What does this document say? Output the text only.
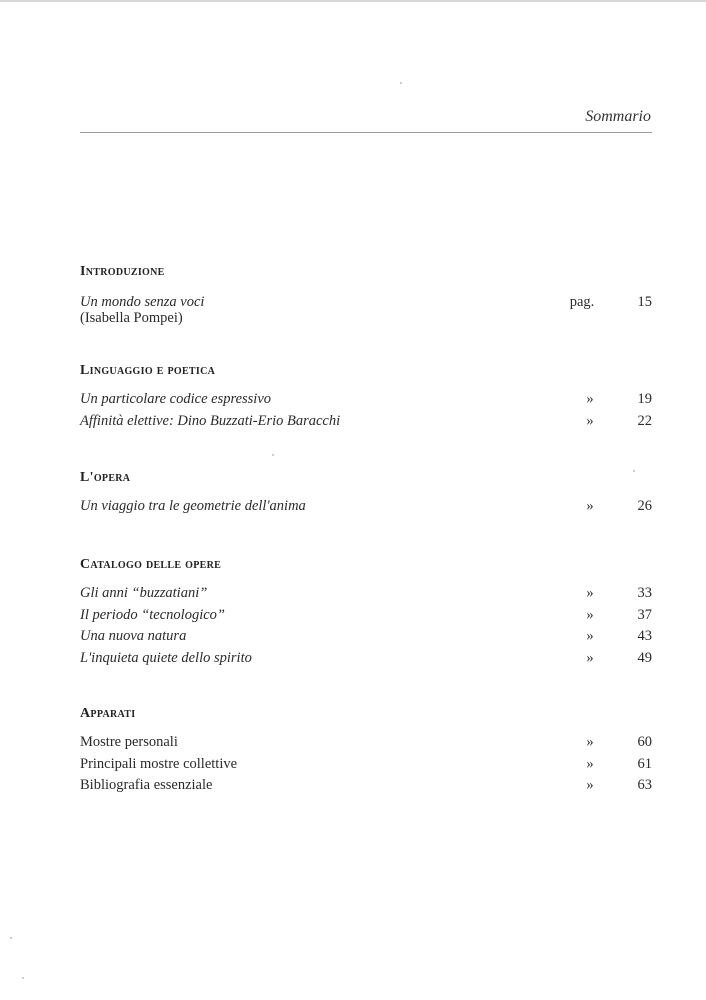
Sommario
Introduzione
Un mondo senza voci
(Isabella Pompei)
pag.	15
Linguaggio e poetica
Un particolare codice espressivo	»	19
Affinità elettive: Dino Buzzati-Erio Baracchi	»	22
L'opera
Un viaggio tra le geometrie dell'anima	»	26
Catalogo delle opere
Gli anni “buzzatiani”	»	33
Il periodo “tecnologico”	»	37
Una nuova natura	»	43
L'inquieta quiete dello spirito	»	49
Apparati
Mostre personali	»	60
Principali mostre collettive	»	61
Bibliografia essenziale	»	63
